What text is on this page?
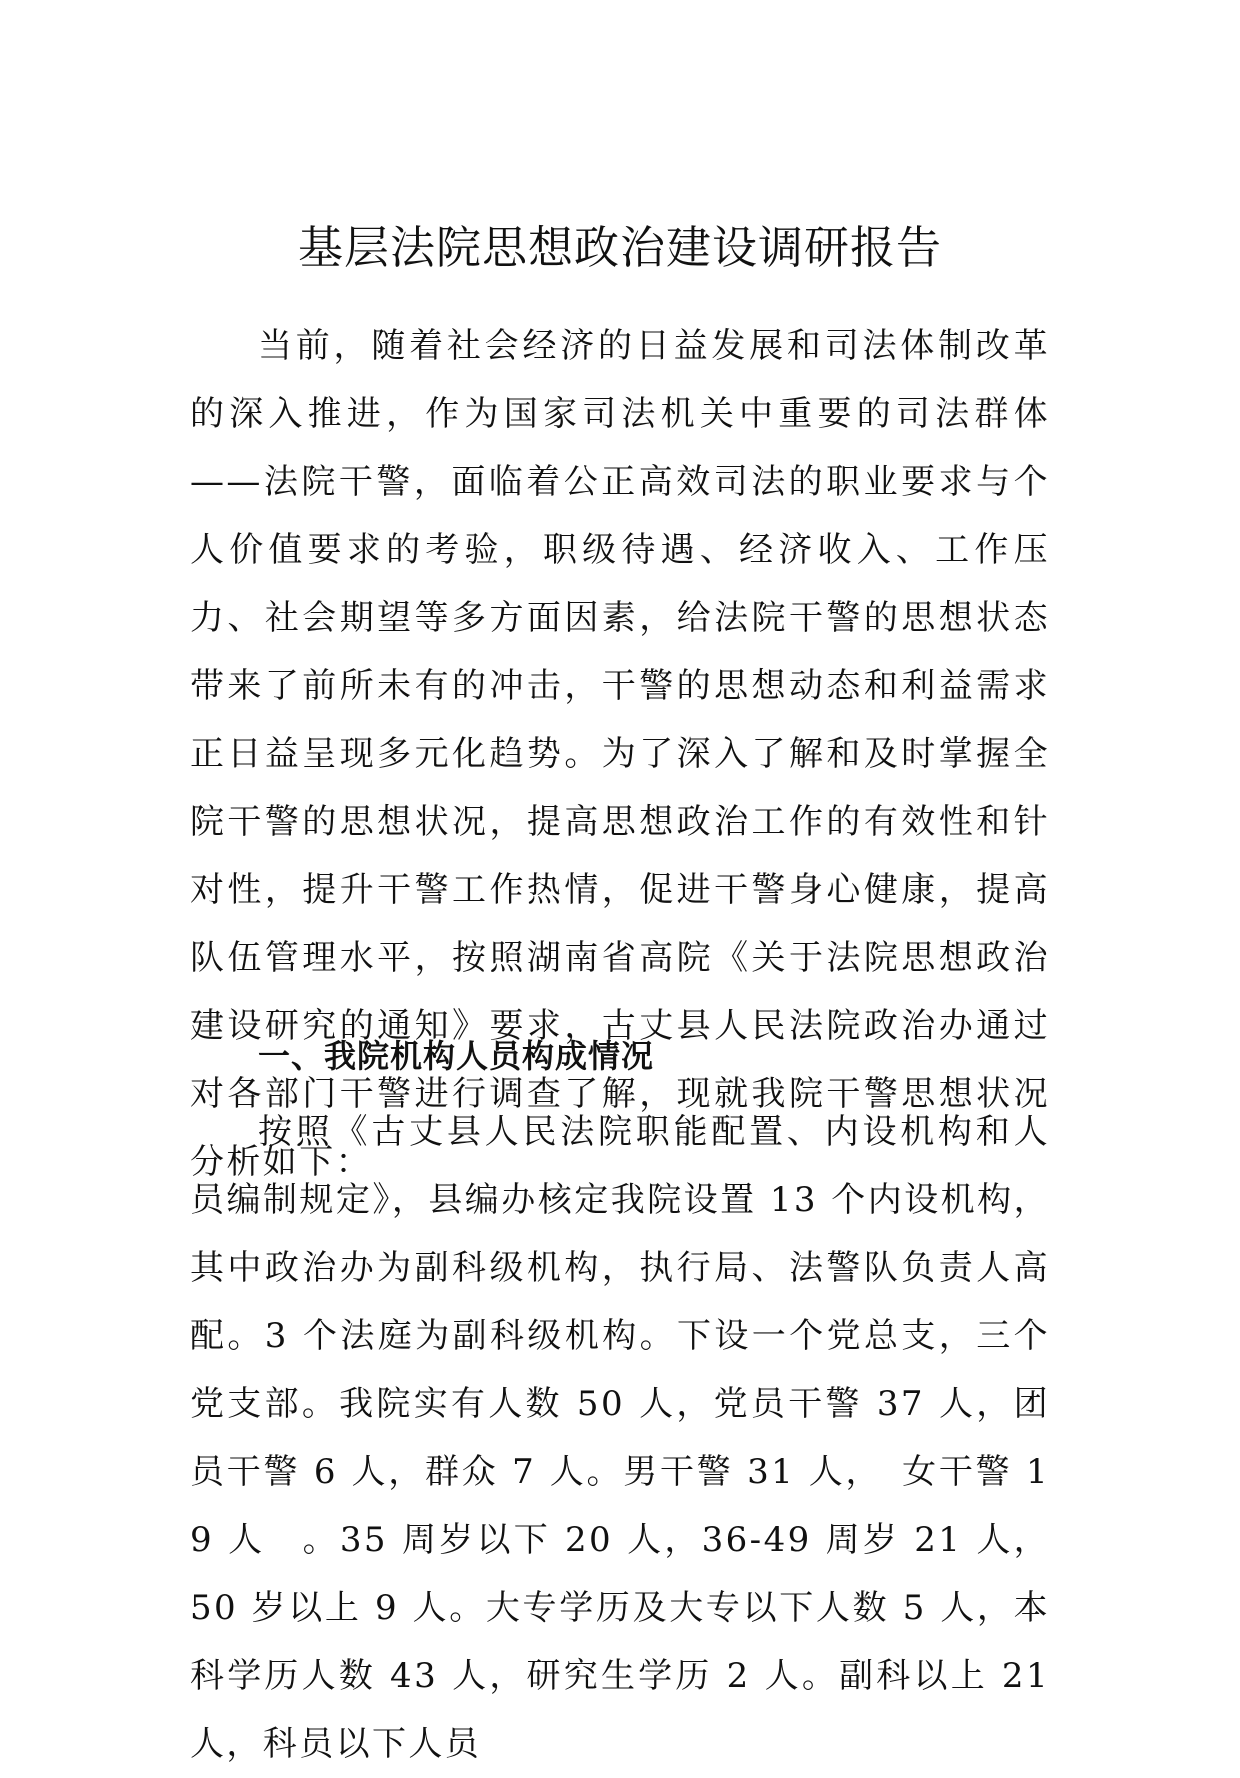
基层法院思想政治建设调研报告

当前，随着社会经济的日益发展和司法体制改革的深入推进，作为国家司法机关中重要的司法群体——法院干警，面临着公正高效司法的职业要求与个人价值要求的考验，职级待遇、经济收入、工作压力、社会期望等多方面因素，给法院干警的思想状态带来了前所未有的冲击，干警的思想动态和利益需求正日益呈现多元化趋势。为了深入了解和及时掌握全院干警的思想状况，提高思想政治工作的有效性和针对性，提升干警工作热情，促进干警身心健康，提高队伍管理水平，按照湖南省高院《关于法院思想政治建设研究的通知》要求，古丈县人民法院政治办通过对各部门干警进行调查了解，现就我院干警思想状况分析如下：

一、我院机构人员构成情况

按照《古丈县人民法院职能配置、内设机构和人员编制规定》，县编办核定我院设置 13 个内设机构，其中政治办为副科级机构，执行局、法警队负责人高配。3 个法庭为副科级机构。下设一个党总支，三个党支部。我院实有人数 50 人，党员干警 37 人，团员干警 6 人，群众 7 人。男干警 31 人，　女干警 19 人　。35 周岁以下 20 人，36-49 周岁 21 人，50 岁以上 9 人。大专学历及大专以下人数 5 人，本科学历人数 43 人，研究生学历 2 人。副科以上 21 人，科员以下人员
